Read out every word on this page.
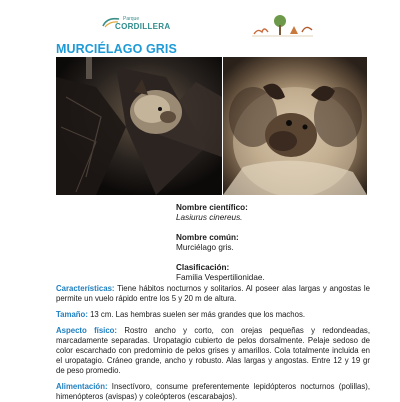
Parque
CORDILLERA
MURCIÉLAGO GRIS
Nombre científico:
Lasiurus cinereus.
Nombre común:
Murciélago gris.
Clasificación:
Familia Vespertilionidae.

Características: Tiene hábitos nocturnos y solitarios. Al poseer alas largas y angostas le permite un vuelo rápido entre los 5 y 20 m de altura.

Tamaño: 13 cm. Las hembras suelen ser más grandes que los machos.

Aspecto físico: Rostro ancho y corto, con orejas pequeñas y redondeadas, marcadamente separadas. Uropatagio cubierto de pelos dorsalmente. Pelaje sedoso de color escarchado con predominio de pelos grises y amarillos. Cola totalmente incluida en el uropatagio. Cráneo grande, ancho y robusto. Alas largas y angostas. Entre 12 y 19 gr de peso promedio.

Alimentación: Insectívoro, consume preferentemente lepidópteros nocturnos (polillas), himenópteros (avispas) y coleópteros (escarabajos).
